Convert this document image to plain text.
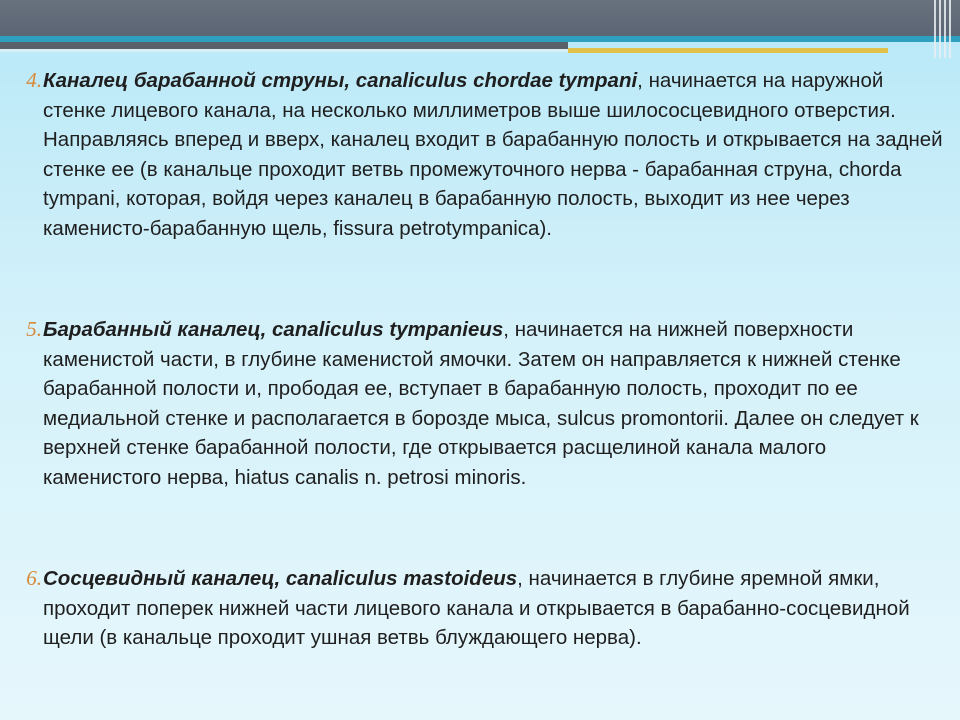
4. Каналец барабанной струны, canaliculus chordae tympani, начинается на наружной стенке лицевого канала, на несколько миллиметров выше шилососцевидного отверстия. Направляясь вперед и вверх, каналец входит в барабанную полость и открывается на задней стенке ее (в канальце проходит ветвь промежуточного нерва - барабанная струна, chorda tympani, которая, войдя через каналец в барабанную полость, выходит из нее через каменисто-барабанную щель, fissura petrotympanica).
5. Барабанный каналец, canaliculus tympanieus, начинается на нижней поверхности каменистой части, в глубине каменистой ямочки. Затем он направляется к нижней стенке барабанной полости и, прободая ее, вступает в барабанную полость, проходит по ее медиальной стенке и располагается в борозде мыса, sulcus promontorii. Далее он следует к верхней стенке барабанной полости, где открывается расщелиной канала малого каменистого нерва, hiatus canalis n. petrosi minoris.
6. Сосцевидный каналец, canaliculus mastoideus, начинается в глубине яремной ямки, проходит поперек нижней части лицевого канала и открывается в барабанно-сосцевидной щели (в канальце проходит ушная ветвь блуждающего нерва).
